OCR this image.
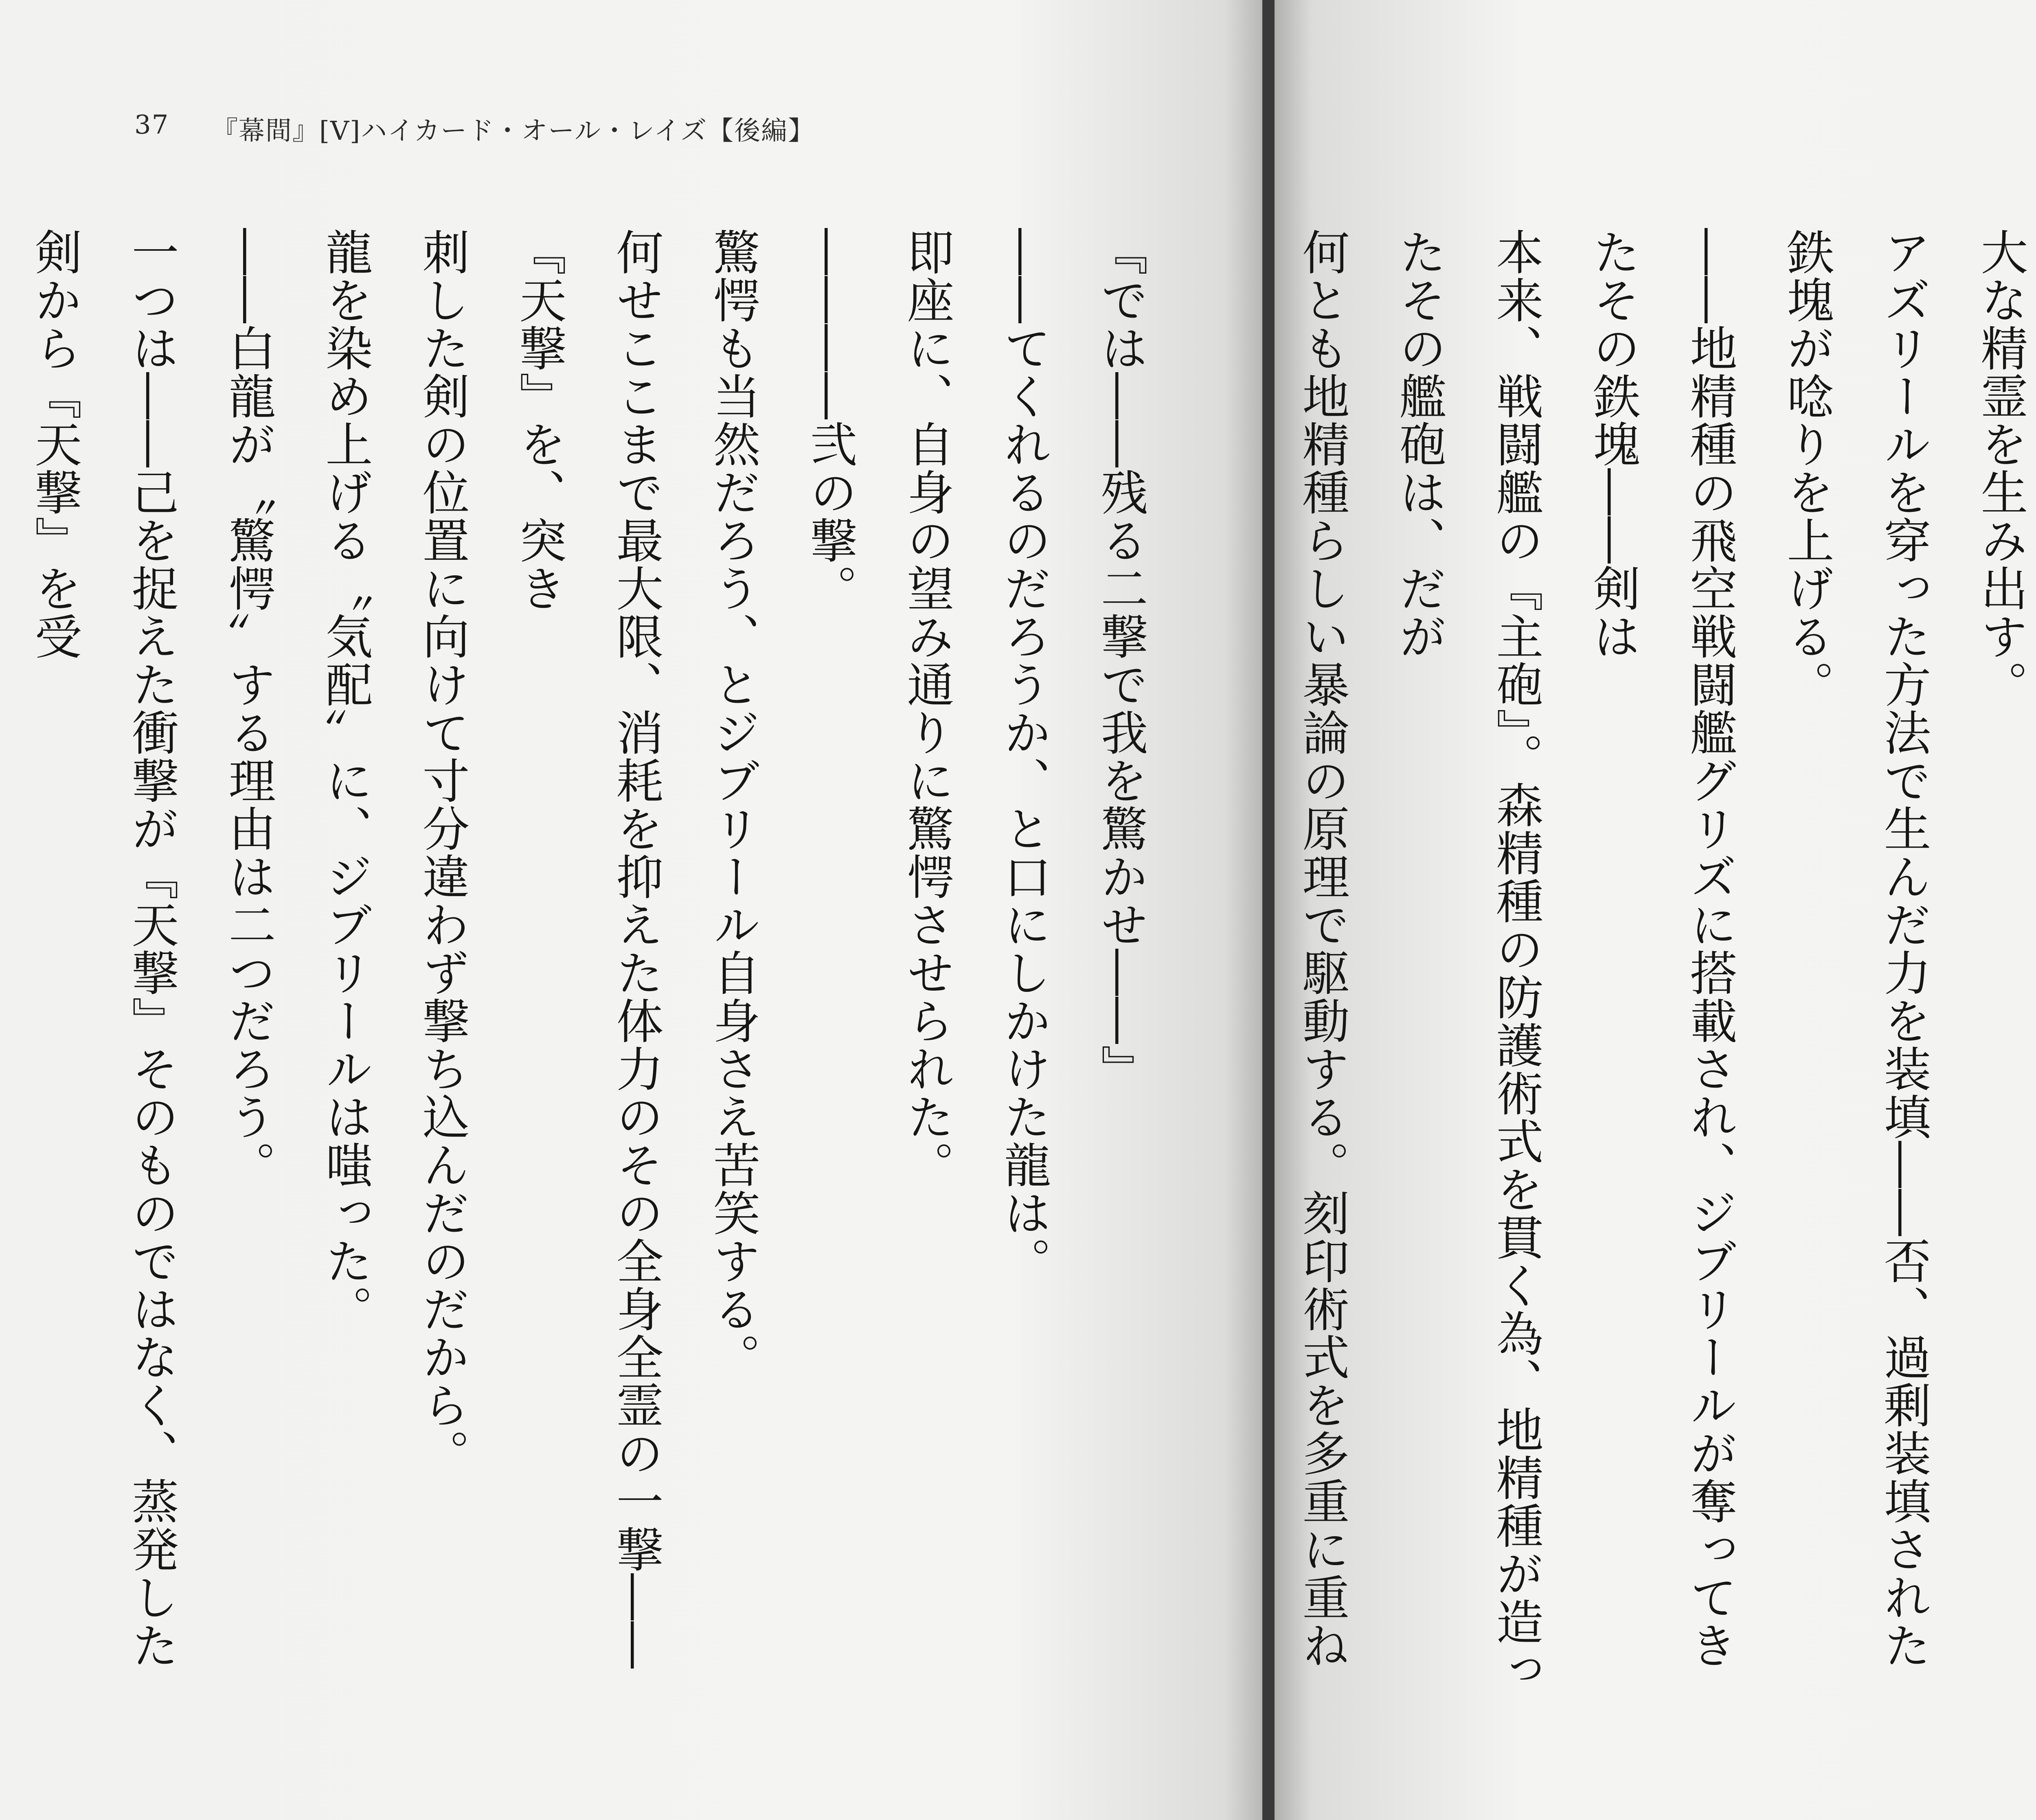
大な精霊を生み出す。

アズリールを穿った方法で生んだ力を装填――否、過剰装填された鉄塊が唸りを上げる。

――地精種の飛空戦闘艦グリズに搭載され、ジブリールが奪ってきたその鉄塊――剣は

本来、戦闘艦の『主砲』。森精種の防護術式を貫く為、地精種が造ったその艦砲は、だが

何とも地精種らしい暴論の原理で駆動する。刻印術式を多重に重ね

37 『幕間』[V]ハイカード・オール・レイズ【後編】

『では――残る二撃で我を驚かせ――』

――てくれるのだろうか、と口にしかけた龍は。

即座に、自身の望み通りに驚愕させられた。

――――弐の撃。

驚愕も当然だろう、とジブリール自身さえ苦笑する。

何せここまで最大限、消耗を抑えた体力のその全身全霊の一撃――『天撃』を、突き

刺した剣の位置に向けて寸分違わず撃ち込んだのだから。

龍を染め上げる〝気配〟に、ジブリールは嗤った。

――白龍が〝驚愕〟する理由は二つだろう。

一つは――己を捉えた衝撃が『天撃』そのものではなく、蒸発した剣から『天撃』を受
